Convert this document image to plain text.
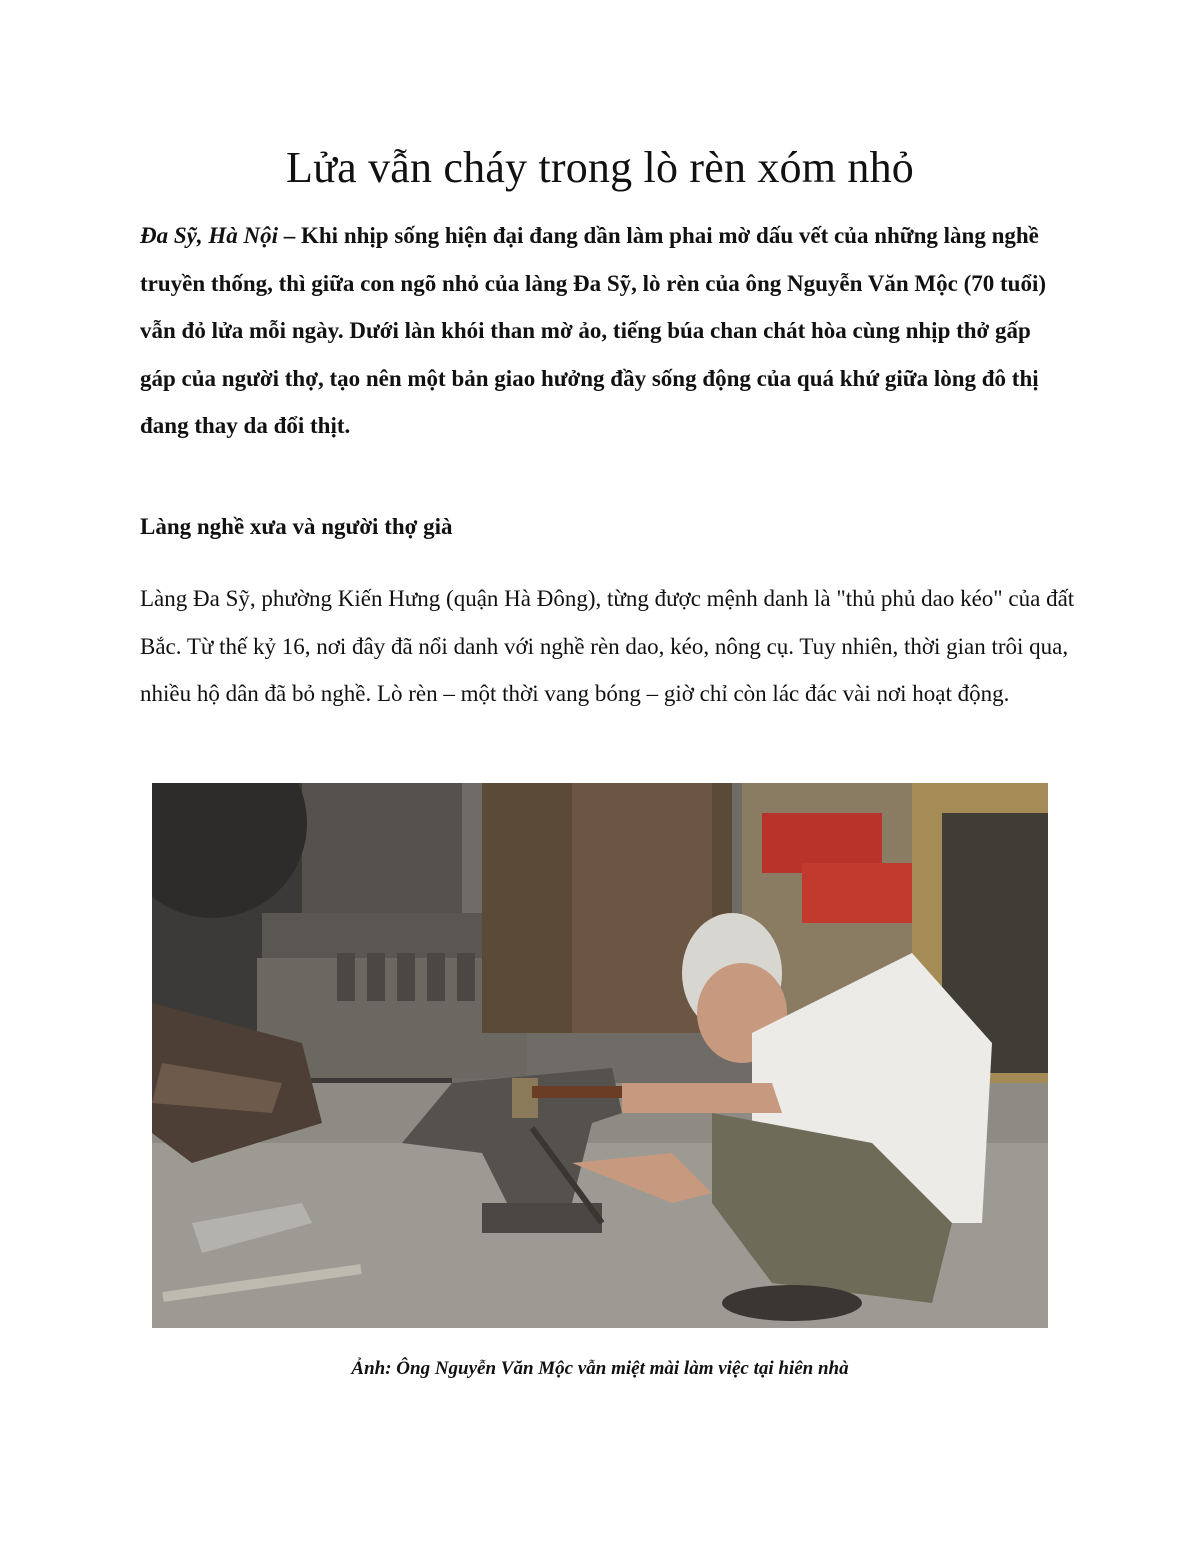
Lửa vẫn cháy trong lò rèn xóm nhỏ

Đa Sỹ, Hà Nội – Khi nhịp sống hiện đại đang dần làm phai mờ dấu vết của những làng nghề truyền thống, thì giữa con ngõ nhỏ của làng Đa Sỹ, lò rèn của ông Nguyễn Văn Mộc (70 tuổi) vẫn đỏ lửa mỗi ngày. Dưới làn khói than mờ ảo, tiếng búa chan chát hòa cùng nhịp thở gấp gáp của người thợ, tạo nên một bản giao hưởng đầy sống động của quá khứ giữa lòng đô thị đang thay da đổi thịt.

Làng nghề xưa và người thợ già

Làng Đa Sỹ, phường Kiến Hưng (quận Hà Đông), từng được mệnh danh là "thủ phủ dao kéo" của đất Bắc. Từ thế kỷ 16, nơi đây đã nổi danh với nghề rèn dao, kéo, nông cụ. Tuy nhiên, thời gian trôi qua, nhiều hộ dân đã bỏ nghề. Lò rèn – một thời vang bóng – giờ chỉ còn lác đác vài nơi hoạt động.

Ảnh: Ông Nguyễn Văn Mộc vẫn miệt mài làm việc tại hiên nhà
